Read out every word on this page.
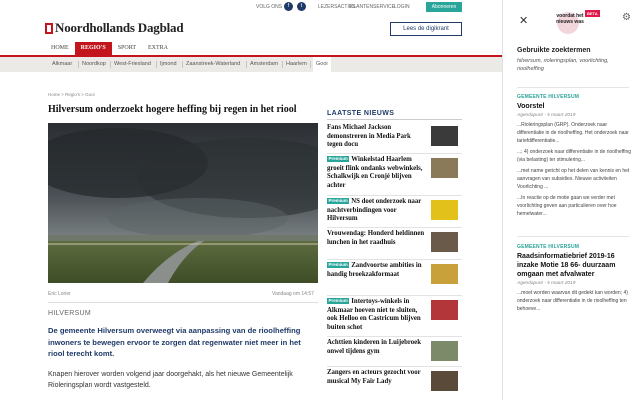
VOLG ONS	f	t	LEZERSACTIES
KLANTENSERVICE LOGIN	Abonneren
Noordhollands Dagblad	Lees de digikrant
HOME	REGIO'S	SPORT	EXTRA
Alkmaar Noordkop West-Friesland Ijmond Zaanstreek-Waterland Amsterdam Haarlem	Gooi
Home > Regio's > Gooi
Hilversum onderzoekt hogere heffing bij regen in het riool
Eric Lorier	Vandaag om 14:57
HILVERSUM

De gemeente Hilversum overweegt via aanpassing van de rioolheffing inwoners te bewegen ervoor te zorgen dat regenwater niet meer in het riool terecht komt.

Knapen hierover worden volgend jaar doorgehakt, als het nieuwe Gemeentelijk Rioleringsplan wordt vastgesteld.

LAATSTE NIEUWS
Fans Michael Jackson demonstreren in Media Park tegen docu
Premium Winkelstad Haarlem groeit flink ondanks webwinkels, Schalkwijk en Cronjé blijven achter
Premium NS doet onderzoek naar nachtverbindingen voor Hilversum
Vrouwendag: Honderd heldinnen lunchen in het raadhuis
Premium Zandvoortse ambities in handig broekzakformaat
Premium Intertoys-winkels in Alkmaar hoeven niet te sluiten, ook Helloo en Castricum blijven buiten schot
Achttien kinderen in Luijebroek onwel tijdens gym
Zangers en acteurs gezocht voor musical My Fair Lady
✕	voordat het nieuws was
BETA ⚙
Gebruikte zoektermen
hilversum, rioleringsplan, voorlichting, rioolheffing
GEMEENTE HILVERSUM
Voorstel
Agendapunt - 5 maart 2019
...Rioleringsplan (GRP). Onderzoek naar differentiatie in de rioolheffing. Het onderzoek naar tariefdifferentiatie...
...; 4) onderzoek naar differentiatie in de rioolheffing (via belasting) ter stimulering...
...met name gericht op het delen van kennis en het aanvragen van subsidies. Nieuwe activiteiten Voorlichting ...
...In reactie op de motie gaan we verder met voorlichting geven aan particulieren over hoe hemelwater...
GEMEENTE HILVERSUM
Raadsinformatiebrief 2019-16 inzake Motie 18 66- duurzaam omgaan met afvalwater
Agendapunt - 5 maart 2019
...moet worden waarvan dit gedekt kan worden; 4) onderzoek naar differentiatie in de rioolheffing ten behoeve...
